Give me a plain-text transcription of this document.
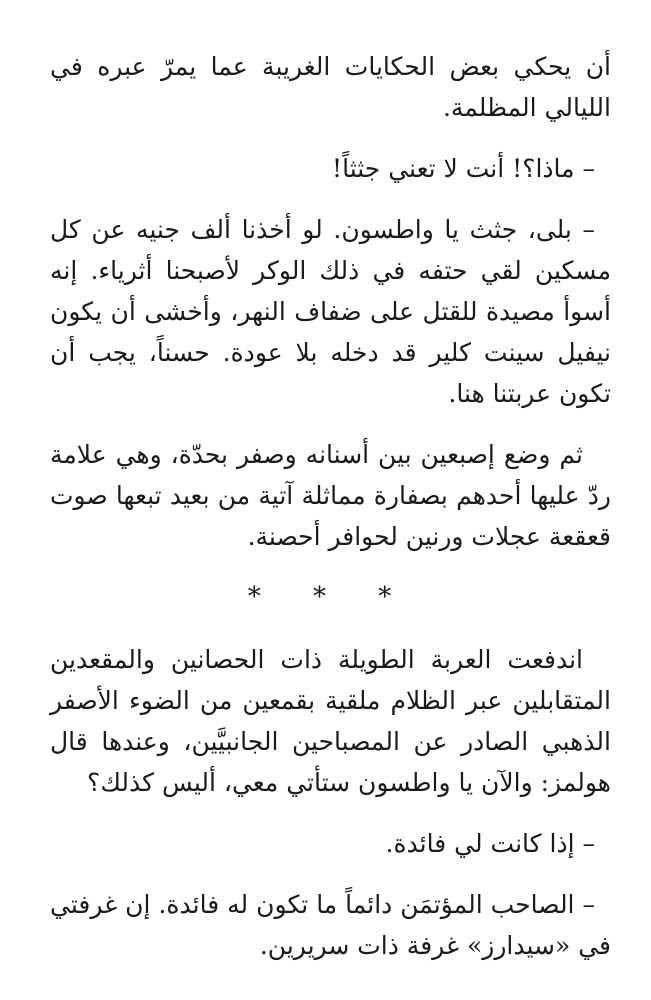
أن يحكي بعض الحكايات الغريبة عما يمرّ عبره في الليالي المظلمة.

– ماذا؟! أنت لا تعني جثثاً!

– بلى، جثث يا واطسون. لو أخذنا ألف جنيه عن كل مسكين لقي حتفه في ذلك الوكر لأصبحنا أثرياء. إنه أسوأ مصيدة للقتل على ضفاف النهر، وأخشى أن يكون نيفيل سينت كلير قد دخله بلا عودة. حسناً، يجب أن تكون عربتنا هنا.

ثم وضع إصبعين بين أسنانه وصفر بحدّة، وهي علامة ردّ عليها أحدهم بصفارة مماثلة آتية من بعيد تبعها صوت قعقعة عجلات ورنين لحوافر أحصنة.

* * *

اندفعت العربة الطويلة ذات الحصانين والمقعدين المتقابلين عبر الظلام ملقية بقمعين من الضوء الأصفر الذهبي الصادر عن المصباحين الجانبيَّين، وعندها قال هولمز: والآن يا واطسون ستأتي معي، أليس كذلك؟

– إذا كانت لي فائدة.

– الصاحب المؤتمَن دائماً ما تكون له فائدة. إن غرفتي في «سيدارز» غرفة ذات سريرين.
